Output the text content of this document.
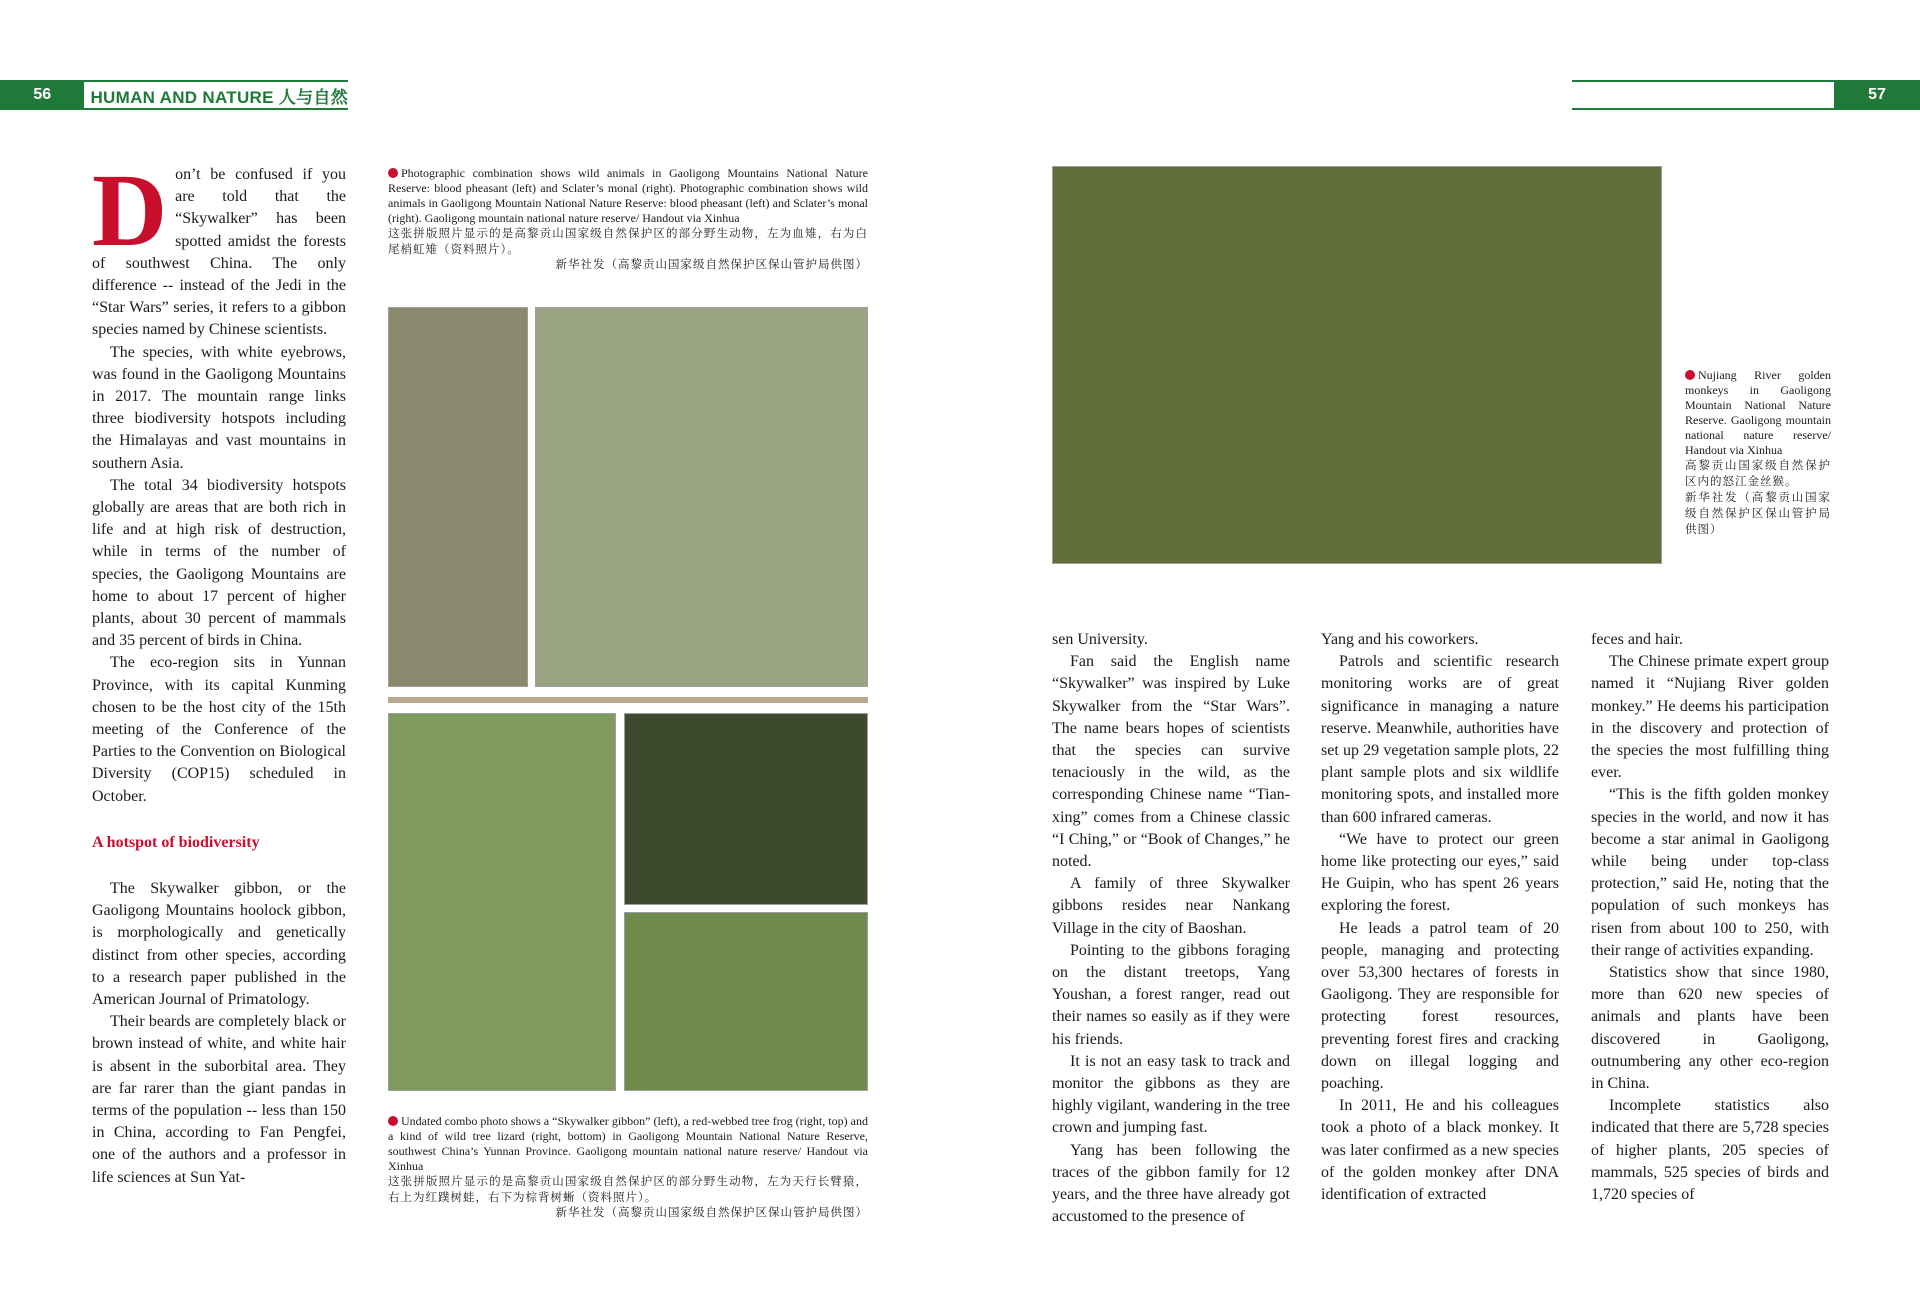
56	HUMAN AND NATURE 人与自然	57

Don’t be confused if you are told that the “Skywalker” has been spotted amidst the forests of southwest China. The only difference -- instead of the Jedi in the “Star Wars” series, it refers to a gibbon species named by Chinese scientists.

The species, with white eyebrows, was found in the Gaoligong Mountains in 2017. The mountain range links three biodiversity hotspots including the Himalayas and vast mountains in southern Asia.

The total 34 biodiversity hotspots globally are areas that are both rich in life and at high risk of destruction, while in terms of the number of species, the Gaoligong Mountains are home to about 17 percent of higher plants, about 30 percent of mammals and 35 percent of birds in China.

The eco-region sits in Yunnan Province, with its capital Kunming chosen to be the host city of the 15th meeting of the Conference of the Parties to the Convention on Biological Diversity (COP15) scheduled in October.

A hotspot of biodiversity

The Skywalker gibbon, or the Gaoligong Mountains hoolock gibbon, is morphologically and genetically distinct from other species, according to a research paper published in the American Journal of Primatology.

Their beards are completely black or brown instead of white, and white hair is absent in the suborbital area. They are far rarer than the giant pandas in terms of the population -- less than 150 in China, according to Fan Pengfei, one of the authors and a professor in life sciences at Sun Yat-

Photographic combination shows wild animals in Gaoligong Mountains National Nature Reserve: blood pheasant (left) and Sclater’s monal (right). Photographic combination shows wild animals in Gaoligong Mountain National Nature Reserve: blood pheasant (left) and Sclater’s monal (right). Gaoligong mountain national nature reserve/ Handout via Xinhua
这张拼版照片显示的是高黎贡山国家级自然保护区的部分野生动物，左为血雉，右为白尾梢虹雉（资料照片）。
新华社发（高黎贡山国家级自然保护区保山管护局供图）
Undated combo photo shows a “Skywalker gibbon” (left), a red-webbed tree frog (right, top) and a kind of wild tree lizard (right, bottom) in Gaoligong Mountain National Nature Reserve, southwest China’s Yunnan Province. Gaoligong mountain national nature reserve/ Handout via Xinhua
这张拼版照片显示的是高黎贡山国家级自然保护区的部分野生动物，左为天行长臂猿，右上为红蹼树蛙，右下为棕背树蜥（资料照片）。
新华社发（高黎贡山国家级自然保护区保山管护局供图）
Nujiang River golden monkeys in Gaoligong Mountain National Nature Reserve. Gaoligong mountain national nature reserve/ Handout via Xinhua
高黎贡山国家级自然保护区内的怒江金丝猴。
新华社发（高黎贡山国家级自然保护区保山管护局供图）

sen University.

Fan said the English name “Skywalker” was inspired by Luke Skywalker from the “Star Wars”. The name bears hopes of scientists that the species can survive tenaciously in the wild, as the corresponding Chinese name “Tian-xing” comes from a Chinese classic “I Ching,” or “Book of Changes,” he noted.

A family of three Skywalker gibbons resides near Nankang Village in the city of Baoshan.

Pointing to the gibbons foraging on the distant treetops, Yang Youshan, a forest ranger, read out their names so easily as if they were his friends.

It is not an easy task to track and monitor the gibbons as they are highly vigilant, wandering in the tree crown and jumping fast.

Yang has been following the traces of the gibbon family for 12 years, and the three have already got accustomed to the presence of

Yang and his coworkers.

Patrols and scientific research monitoring works are of great significance in managing a nature reserve. Meanwhile, authorities have set up 29 vegetation sample plots, 22 plant sample plots and six wildlife monitoring spots, and installed more than 600 infrared cameras.

“We have to protect our green home like protecting our eyes,” said He Guipin, who has spent 26 years exploring the forest.

He leads a patrol team of 20 people, managing and protecting over 53,300 hectares of forests in Gaoligong. They are responsible for protecting forest resources, preventing forest fires and cracking down on illegal logging and poaching.

In 2011, He and his colleagues took a photo of a black monkey. It was later confirmed as a new species of the golden monkey after DNA identification of extracted

feces and hair.

The Chinese primate expert group named it “Nujiang River golden monkey.” He deems his participation in the discovery and protection of the species the most fulfilling thing ever.

“This is the fifth golden monkey species in the world, and now it has become a star animal in Gaoligong while being under top-class protection,” said He, noting that the population of such monkeys has risen from about 100 to 250, with their range of activities expanding.

Statistics show that since 1980, more than 620 new species of animals and plants have been discovered in Gaoligong, outnumbering any other eco-region in China.

Incomplete statistics also indicated that there are 5,728 species of higher plants, 205 species of mammals, 525 species of birds and 1,720 species of
